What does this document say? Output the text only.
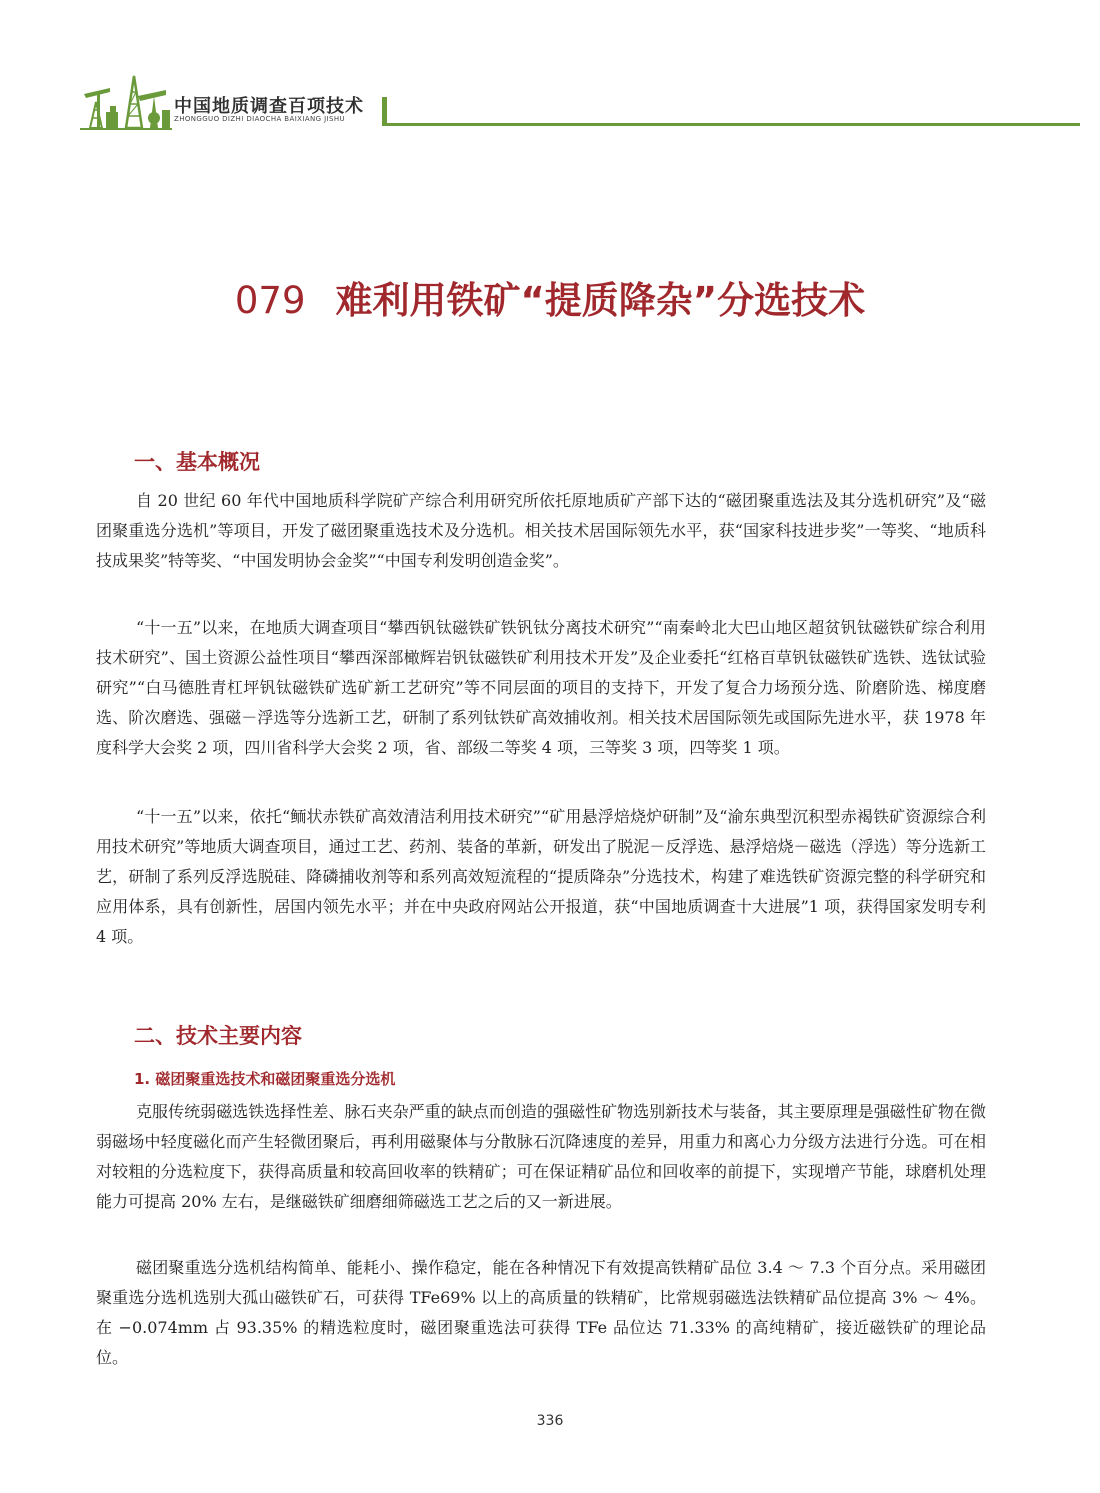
中国地质调查百项技术
ZHONGGUO DIZHI DIAOCHA BAIXIANG JISHU
079 难利用铁矿“提质降杂”分选技术
一、基本概况

自 20 世纪 60 年代中国地质科学院矿产综合利用研究所依托原地质矿产部下达的“磁团聚重选法及其分选机研究”及“磁团聚重选分选机”等项目，开发了磁团聚重选技术及分选机。相关技术居国际领先水平，获“国家科技进步奖”一等奖、“地质科技成果奖”特等奖、“中国发明协会金奖”“中国专利发明创造金奖”。

“十一五”以来，在地质大调查项目“攀西钒钛磁铁矿铁钒钛分离技术研究”“南秦岭北大巴山地区超贫钒钛磁铁矿综合利用技术研究”、国土资源公益性项目“攀西深部橄辉岩钒钛磁铁矿利用技术开发”及企业委托“红格百草钒钛磁铁矿选铁、选钛试验研究”“白马德胜青杠坪钒钛磁铁矿选矿新工艺研究”等不同层面的项目的支持下，开发了复合力场预分选、阶磨阶选、梯度磨选、阶次磨选、强磁－浮选等分选新工艺，研制了系列钛铁矿高效捕收剂。相关技术居国际领先或国际先进水平，获 1978 年度科学大会奖 2 项，四川省科学大会奖 2 项，省、部级二等奖 4 项，三等奖 3 项，四等奖 1 项。

“十一五”以来，依托“鲕状赤铁矿高效清洁利用技术研究”“矿用悬浮焙烧炉研制”及“渝东典型沉积型赤褐铁矿资源综合利用技术研究”等地质大调查项目，通过工艺、药剂、装备的革新，研发出了脱泥－反浮选、悬浮焙烧－磁选（浮选）等分选新工艺，研制了系列反浮选脱硅、降磷捕收剂等和系列高效短流程的“提质降杂”分选技术，构建了难选铁矿资源完整的科学研究和应用体系，具有创新性，居国内领先水平；并在中央政府网站公开报道，获“中国地质调查十大进展”1 项，获得国家发明专利 4 项。

二、技术主要内容
1. 磁团聚重选技术和磁团聚重选分选机

克服传统弱磁选铁选择性差、脉石夹杂严重的缺点而创造的强磁性矿物选别新技术与装备，其主要原理是强磁性矿物在微弱磁场中轻度磁化而产生轻微团聚后，再利用磁聚体与分散脉石沉降速度的差异，用重力和离心力分级方法进行分选。可在相对较粗的分选粒度下，获得高质量和较高回收率的铁精矿；可在保证精矿品位和回收率的前提下，实现增产节能，球磨机处理能力可提高 20% 左右，是继磁铁矿细磨细筛磁选工艺之后的又一新进展。

磁团聚重选分选机结构简单、能耗小、操作稳定，能在各种情况下有效提高铁精矿品位 3.4 ～ 7.3 个百分点。采用磁团聚重选分选机选别大孤山磁铁矿石，可获得 TFe69% 以上的高质量的铁精矿，比常规弱磁选法铁精矿品位提高 3% ～ 4%。在 −0.074mm 占 93.35% 的精选粒度时，磁团聚重选法可获得 TFe 品位达 71.33% 的高纯精矿，接近磁铁矿的理论品位。

336
